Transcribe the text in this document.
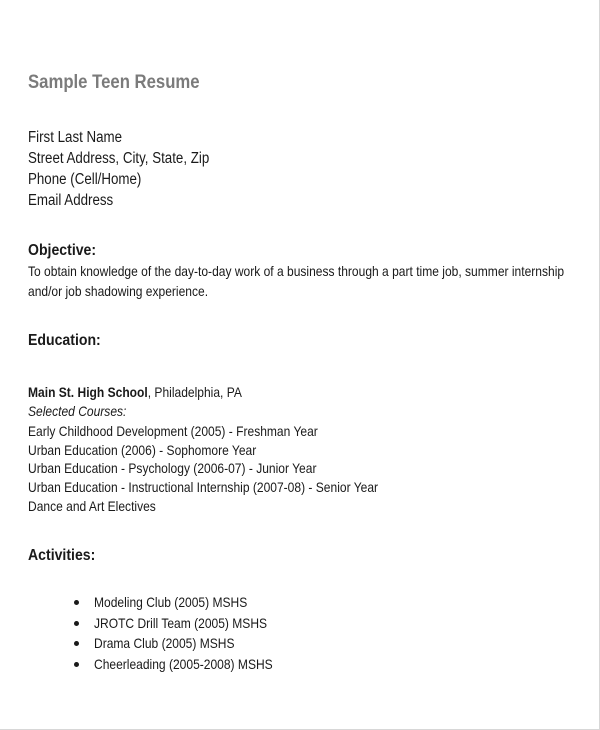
Sample Teen Resume
First Last Name
Street Address, City, State, Zip
Phone (Cell/Home)
Email Address
Objective:
To obtain knowledge of the day-to-day work of a business through a part time job, summer internship
and/or job shadowing experience.
Education:
Main St. High School, Philadelphia, PA
Selected Courses:
Early Childhood Development (2005) - Freshman Year
Urban Education (2006) - Sophomore Year
Urban Education - Psychology (2006-07) - Junior Year
Urban Education - Instructional Internship (2007-08) - Senior Year
Dance and Art Electives
Activities:
Modeling Club (2005) MSHS
JROTC Drill Team (2005) MSHS
Drama Club (2005) MSHS
Cheerleading (2005-2008) MSHS
